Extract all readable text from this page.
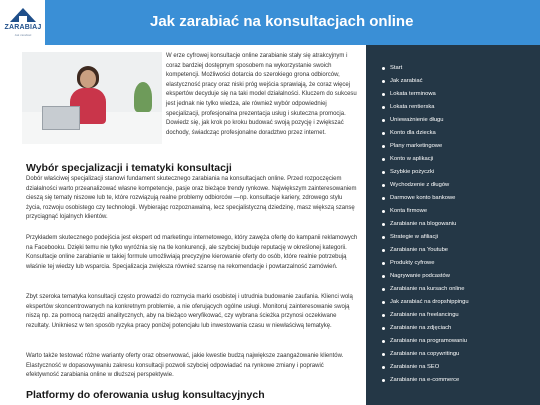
ZARABIAJ
Jak zarabiać
Jak zarabiać na konsultacjach online

W erze cyfrowej konsultacje online zarabianie stały się atrakcyjnym i coraz bardziej dostępnym sposobem na wykorzystanie swoich kompetencji. Możliwości dotarcia do szerokiego grona odbiorców, elastyczność pracy oraz niski próg wejścia sprawiają, że coraz więcej ekspertów decyduje się na taki model działalności. Kluczem do sukcesu jest jednak nie tylko wiedza, ale również wybór odpowiedniej specjalizacji, profesjonalna prezentacja usług i skuteczna promocja. Dowiedz się, jak krok po kroku budować swoją pozycję i zwiększać dochody, świadcząc profesjonalne doradztwo przez internet.

Wybór specjalizacji i tematyki konsultacji

Dobór właściwej specjalizacji stanowi fundament skutecznego zarabiania na konsultacjach online. Przed rozpoczęciem działalności warto przeanalizować własne kompetencje, pasje oraz bieżące trendy rynkowe. Największym zainteresowaniem cieszą się tematy niszowe lub te, które rozwiązują realne problemy odbiorców —np. konsultacje kariery, zdrowego stylu życia, rozwoju osobistego czy technologii. Wybierając rozpoznawalną, lecz specjalistyczną dziedzinę, masz większą szansę przyciągnąć lojalnych klientów.

Przykładem skutecznego podejścia jest ekspert od marketingu internetowego, który zawęża ofertę do kampanii reklamowych na Facebooku. Dzięki temu nie tylko wyróżnia się na tle konkurencji, ale szybciej buduje reputację w określonej kategorii. Konsultacje online zarabianie w takiej formule umożliwiają precyzyjne kierowanie oferty do osób, które realnie potrzebują właśnie tej wiedzy lub wsparcia. Specjalizacja zwiększa również szansę na rekomendacje i powtarzalność zamówień.

Zbyt szeroka tematyka konsultacji często prowadzi do rozmycia marki osobistej i utrudnia budowanie zaufania. Klienci wolą ekspertów skoncentrowanych na konkretnym problemie, a nie oferujących ogólne usługi. Monitoruj zainteresowanie swoją niszą np. za pomocą narzędzi analitycznych, aby na bieżąco weryfikować, czy wybrana ścieżka przynosi oczekiwane rezultaty. Unikniesz w ten sposób ryzyka pracy poniżej potencjału lub inwestowania czasu w niewłaściwą tematykę.

Warto także testować różne warianty oferty oraz obserwować, jakie kwestie budzą największe zaangażowanie klientów. Elastyczność w dopasowywaniu zakresu konsultacji pozwoli szybciej odpowiadać na rynkowe zmiany i poprawić efektywność zarabiania online w dłuższej perspektywie.

Platformy do oferowania usług konsultacyjnych
Start
Jak zarabiać
Lokata terminowa
Lokata rentierska
Unieważnienie długu
Konto dla dziecka
Plany marketingowe
Konto w aplikacji
Szybkie pożyczki
Wychodzenie z długów
Darmowe konto bankowe
Konta firmowe
Zarabianie na blogowaniu
Strategie w afiliacji
Zarabianie na Youtube
Produkty cyfrowe
Nagrywanie podcastów
Zarabianie na kursach online
Jak zarabiać na dropshippingu
Zarabianie na freelancingu
Zarabianie na zdjęciach
Zarabianie na programowaniu
Zarabianie na copywritingu
Zarabianie na SEO
Zarabianie na e-commerce
